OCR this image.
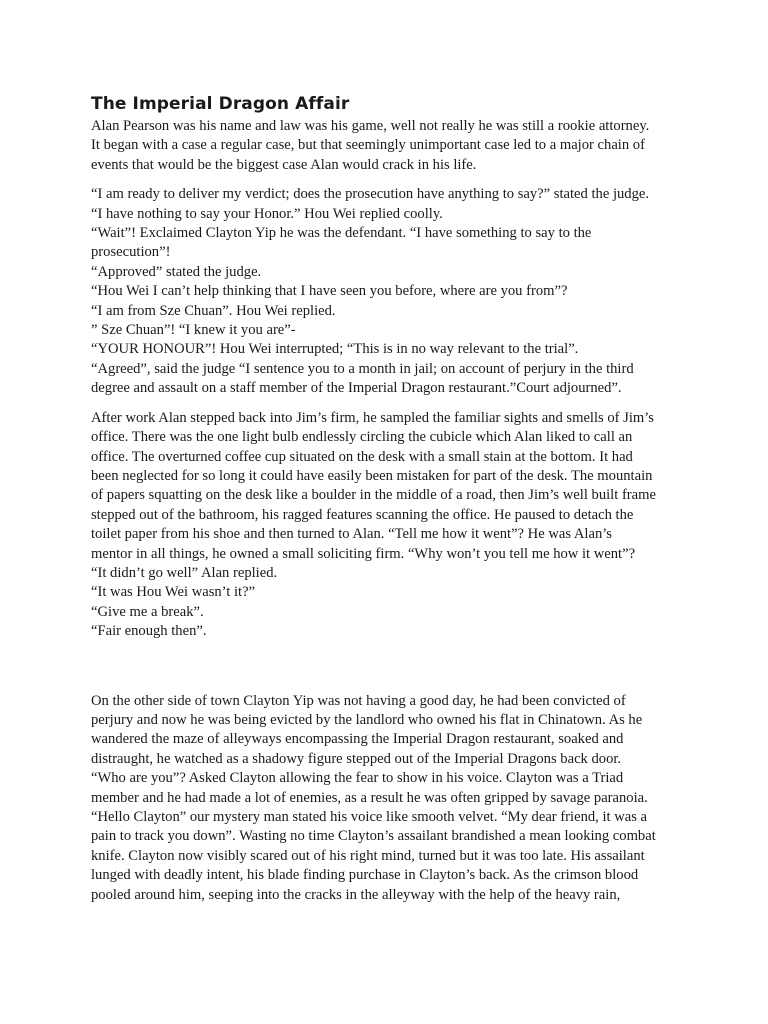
The Imperial Dragon Affair
Alan Pearson was his name and law was his game, well not really he was still a rookie attorney.
It began with a case a regular case, but that seemingly unimportant case led to a major chain of
events that would be the biggest case Alan would crack in his life.
“I am ready to deliver my verdict; does the prosecution have anything to say?” stated the judge.
“I have nothing to say your Honor.” Hou Wei replied coolly.
“Wait”! Exclaimed Clayton Yip he was the defendant. “I have something to say to the
prosecution”!
“Approved” stated the judge.
“Hou Wei I can’t help thinking that I have seen you before, where are you from”?
“I am from Sze Chuan”. Hou Wei replied.
” Sze Chuan”! “I knew it you are”-
“YOUR HONOUR”! Hou Wei interrupted; “This is in no way relevant to the trial”.
“Agreed”, said the judge “I sentence you to a month in jail; on account of perjury in the third
degree and assault on a staff member of the Imperial Dragon restaurant.”Court adjourned”.
After work Alan stepped back into Jim’s firm, he sampled the familiar sights and smells of Jim’s
office. There was the one light bulb endlessly circling the cubicle which Alan liked to call an
office. The overturned coffee cup situated on the desk with a small stain at the bottom. It had
been neglected for so long it could have easily been mistaken for part of the desk. The mountain
of papers squatting on the desk like a boulder in the middle of a road, then Jim’s well built frame
stepped out of the bathroom, his ragged features scanning the office. He paused to detach the
toilet paper from his shoe and then turned to Alan. “Tell me how it went”? He was Alan’s
mentor in all things, he owned a small soliciting firm. “Why won’t you tell me how it went”?
“It didn’t go well” Alan replied.
“It was Hou Wei wasn’t it?”
“Give me a break”.
“Fair enough then”.
On the other side of town Clayton Yip was not having a good day, he had been convicted of
perjury and now he was being evicted by the landlord who owned his flat in Chinatown. As he
wandered the maze of alleyways encompassing the Imperial Dragon restaurant, soaked and
distraught, he watched as a shadowy figure stepped out of the Imperial Dragons back door.
“Who are you”? Asked Clayton allowing the fear to show in his voice. Clayton was a Triad
member and he had made a lot of enemies, as a result he was often gripped by savage paranoia.
“Hello Clayton” our mystery man stated his voice like smooth velvet. “My dear friend, it was a
pain to track you down”. Wasting no time Clayton’s assailant brandished a mean looking combat
knife. Clayton now visibly scared out of his right mind, turned but it was too late. His assailant
lunged with deadly intent, his blade finding purchase in Clayton’s back. As the crimson blood
pooled around him, seeping into the cracks in the alleyway with the help of the heavy rain,
